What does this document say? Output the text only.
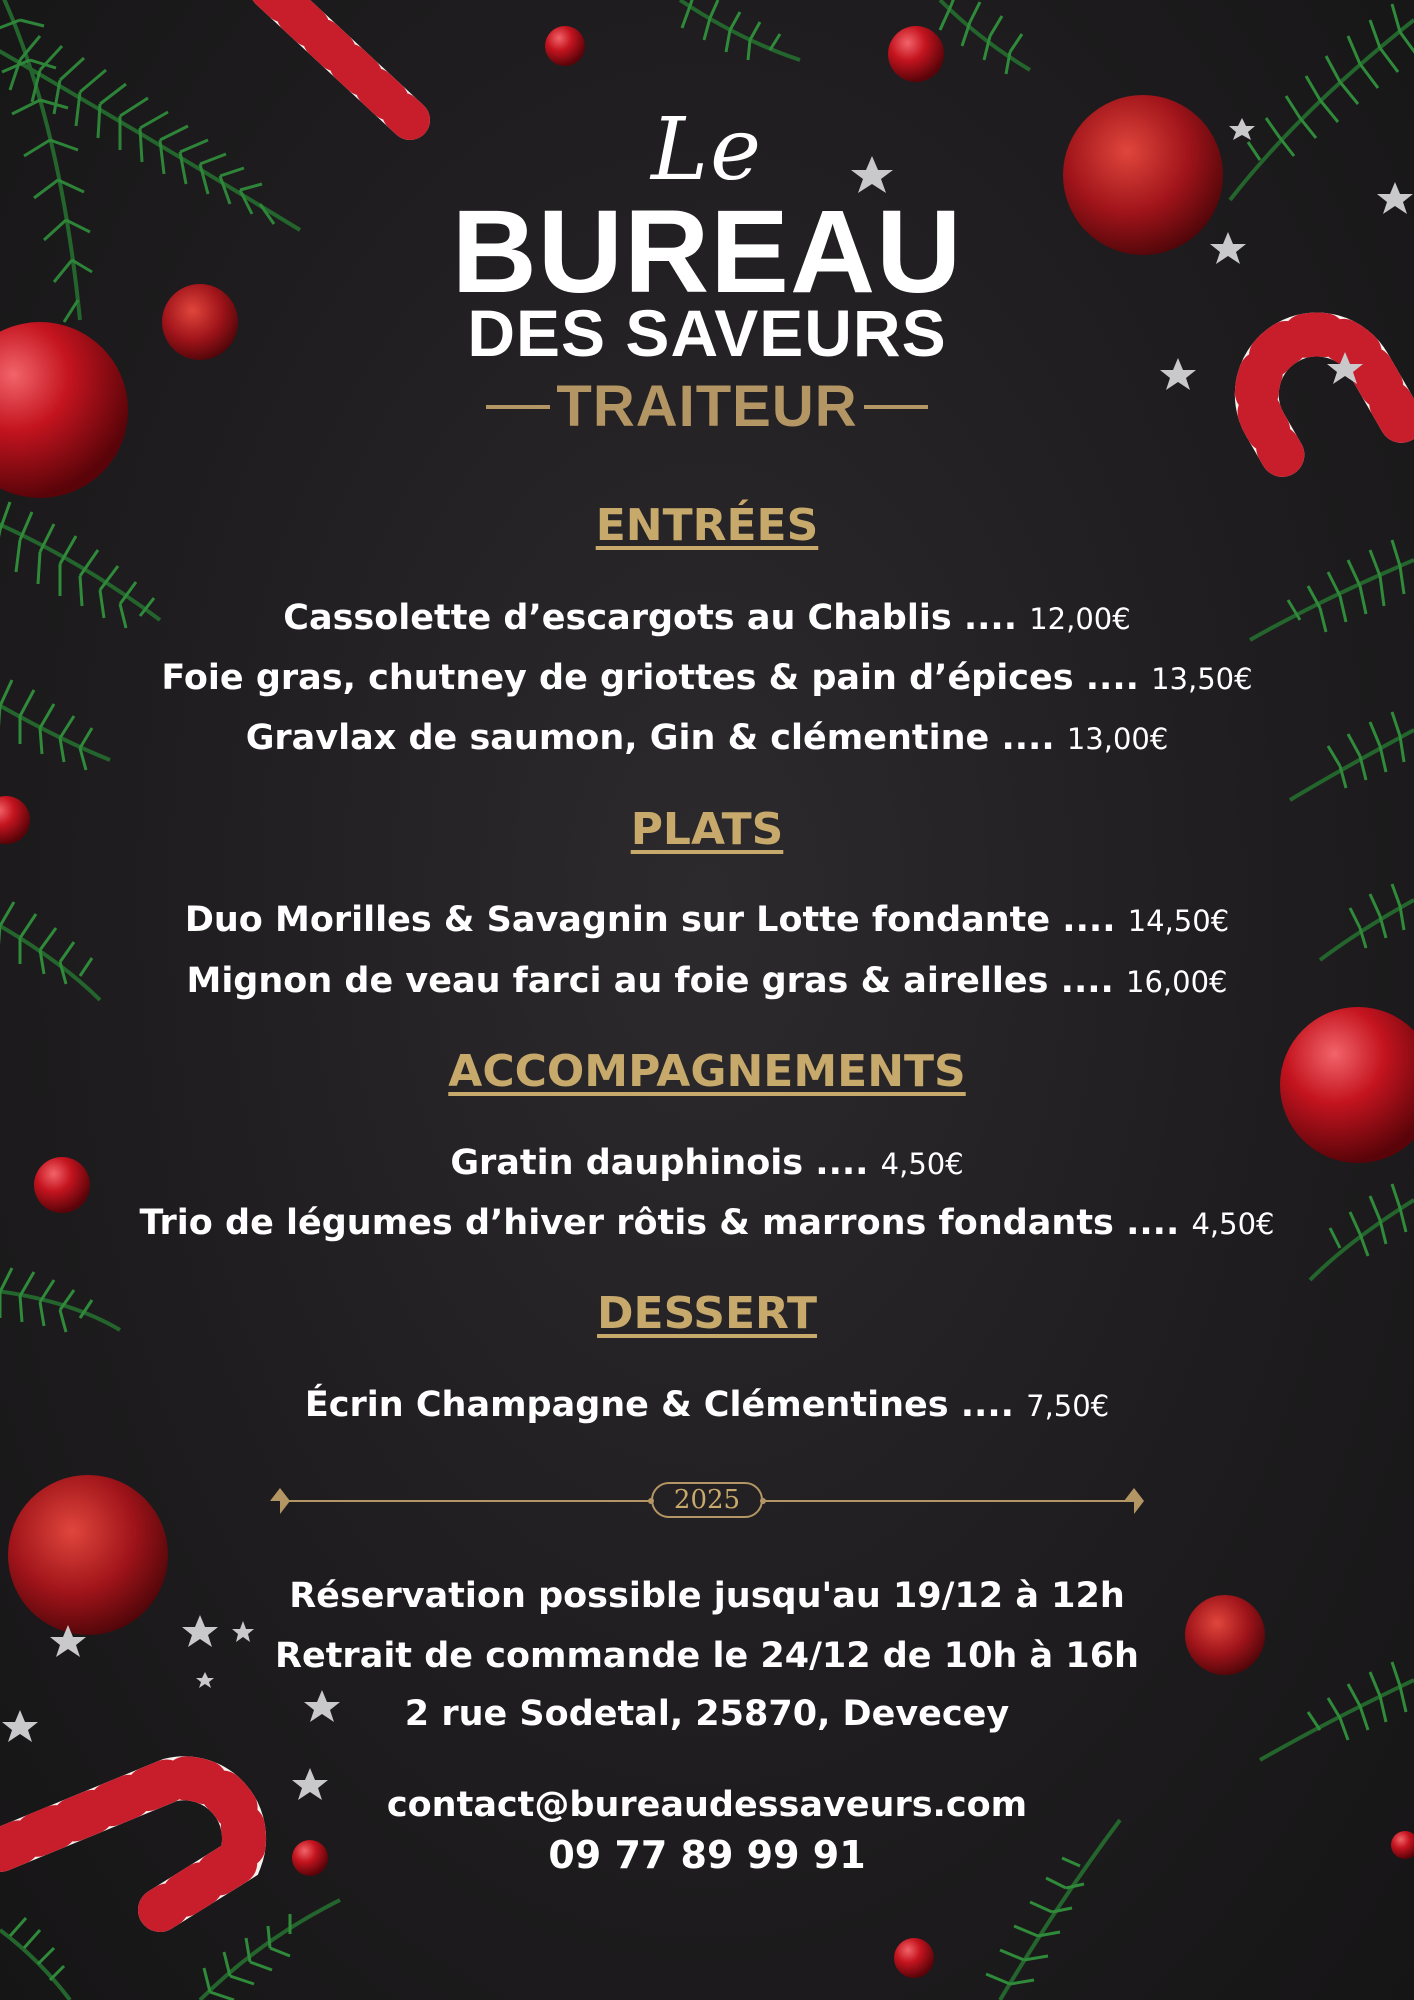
Le
BUREAU
DES SAVEURS
TRAITEUR
ENTRÉES
Cassolette d’escargots au Chablis .... 12,00€
Foie gras, chutney de griottes & pain d’épices .... 13,50€
Gravlax de saumon, Gin & clémentine .... 13,00€
PLATS
Duo Morilles & Savagnin sur Lotte fondante .... 14,50€
Mignon de veau farci au foie gras & airelles .... 16,00€
ACCOMPAGNEMENTS
Gratin dauphinois .... 4,50€
Trio de légumes d’hiver rôtis & marrons fondants .... 4,50€
DESSERT
Écrin Champagne & Clémentines .... 7,50€
2025
Réservation possible jusqu'au 19/12 à 12h
Retrait de commande le 24/12 de 10h à 16h
2 rue Sodetal, 25870, Devecey
contact@bureaudessaveurs.com
09 77 89 99 91
